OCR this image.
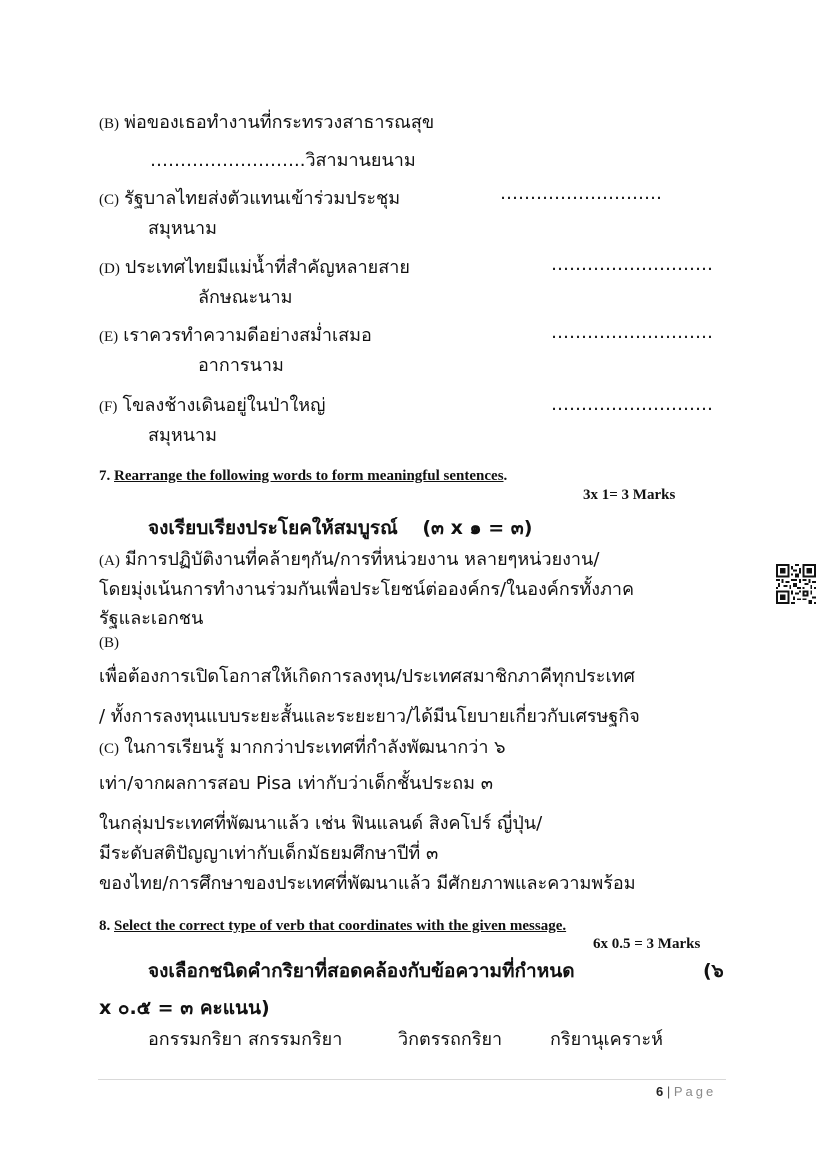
(B) พ่อของเธอทำงานที่กระทรวงสาธารณสุข
……………………..วิสามานยนาม
(C) รัฐบาลไทยส่งตัวแทนเข้าร่วมประชุม	………………………
สมุหนาม
(D) ประเทศไทยมีแม่น้ำที่สำคัญหลายสาย	………………………
ลักษณะนาม
(E) เราควรทำความดีอย่างสม่ำเสมอ	………………………
อาการนาม
(F) โขลงช้างเดินอยู่ในป่าใหญ่	………………………
สมุหนาม
7. Rearrange the following words to form meaningful sentences.
3x 1= 3 Marks
จงเรียบเรียงประโยคให้สมบูรณ์ (๓ x ๑ = ๓)
(A) มีการปฏิบัติงานที่คล้ายๆกัน/การที่หน่วยงาน หลายๆหน่วยงาน/
โดยมุ่งเน้นการทำงานร่วมกันเพื่อประโยชน์ต่อองค์กร/ในองค์กรทั้งภาค
รัฐและเอกชน
(B)
เพื่อต้องการเปิดโอกาสให้เกิดการลงทุน/ประเทศสมาชิกภาคีทุกประเทศ
/ ทั้งการลงทุนแบบระยะสั้นและระยะยาว/ได้มีนโยบายเกี่ยวกับเศรษฐกิจ
(C) ในการเรียนรู้ มากกว่าประเทศที่กำลังพัฒนากว่า ๖
เท่า/จากผลการสอบ Pisa เท่ากับว่าเด็กชั้นประถม ๓
ในกลุ่มประเทศที่พัฒนาแล้ว เช่น ฟินแลนด์ สิงคโปร์ ญี่ปุ่น/
มีระดับสติปัญญาเท่ากับเด็กมัธยมศึกษาปีที่ ๓
ของไทย/การศึกษาของประเทศที่พัฒนาแล้ว มีศักยภาพและความพร้อม
8. Select the correct type of verb that coordinates with the given message.
6x 0.5 = 3 Marks
จงเลือกชนิดคำกริยาที่สอดคล้องกับข้อความที่กำหนด	(๖
x ๐.๕ = ๓ คะแนน)
อกรรมกริยา สกรรมกริยา	วิกตรรถกริยา	กริยานุเคราะห์
6 | Page
